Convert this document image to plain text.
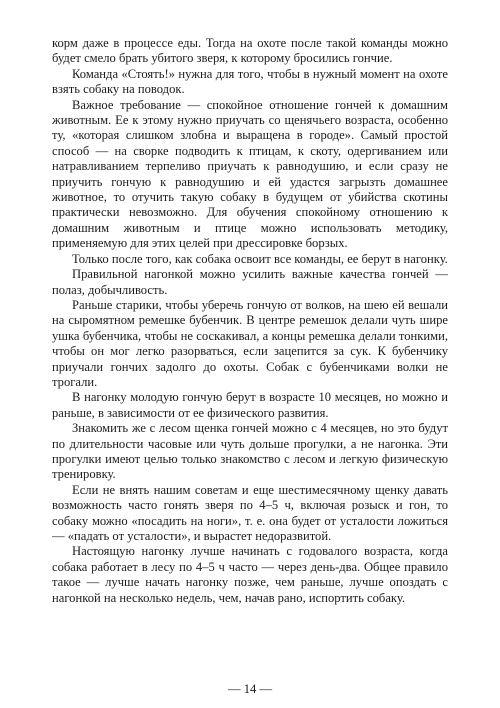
корм даже в процессе еды. Тогда на охоте после такой команды можно будет смело брать убитого зверя, к которому бросились гончие.

Команда «Стоять!» нужна для того, чтобы в нужный момент на охоте взять собаку на поводок.

Важное требование — спокойное отношение гончей к домашним животным. Ее к этому нужно приучать со щенячьего возраста, особенно ту, «которая слишком злобна и выращена в городе». Самый простой способ — на сворке подводить к птицам, к скоту, одергиванием или натравливанием терпеливо приучать к равнодушию, и если сразу не приучить гончую к равнодушию и ей удастся загрызть домашнее животное, то отучить такую собаку в будущем от убийства скотины практически невозможно. Для обучения спокойному отношению к домашним животным и птице можно использовать методику, применяемую для этих целей при дрессировке борзых.

Только после того, как собака освоит все команды, ее берут в нагонку.

Правильной нагонкой можно усилить важные качества гончей — полаз, добычливость.

Раньше старики, чтобы уберечь гончую от волков, на шею ей вешали на сыромятном ремешке бубенчик. В центре ремешок делали чуть шире ушка бубенчика, чтобы не соскакивал, а концы ремешка делали тонкими, чтобы он мог легко разорваться, если зацепится за сук. К бубенчику приучали гончих задолго до охоты. Собак с бубенчиками волки не трогали.

В нагонку молодую гончую берут в возрасте 10 месяцев, но можно и раньше, в зависимости от ее физического развития.

Знакомить же с лесом щенка гончей можно с 4 месяцев, но это будут по длительности часовые или чуть дольше прогулки, а не нагонка. Эти прогулки имеют целью только знакомство с лесом и легкую физическую тренировку.

Если не внять нашим советам и еще шестимесячному щенку давать возможность часто гонять зверя по 4–5 ч, включая розыск и гон, то собаку можно «посадить на ноги», т. е. она будет от усталости ложиться — «падать от усталости», и вырастет недоразвитой.

Настоящую нагонку лучше начинать с годовалого возраста, когда собака работает в лесу по 4–5 ч часто — через день-два. Общее правило такое — лучше начать нагонку позже, чем раньше, лучше опоздать с нагонкой на несколько недель, чем, начав рано, испортить собаку.

— 14 —
